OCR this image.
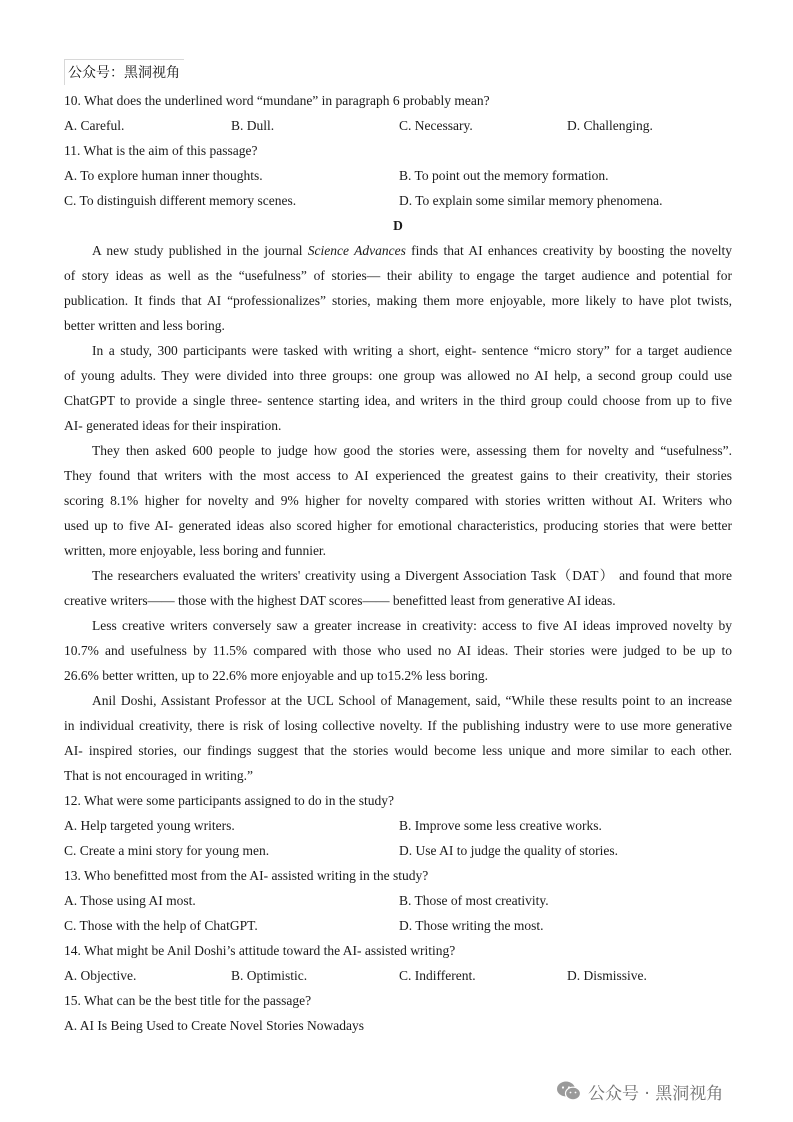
公众号：黑洞视角
10. What does the underlined word “mundane” in paragraph 6 probably mean?
A. Careful.	B. Dull.	C. Necessary.	D. Challenging.
11. What is the aim of this passage?
A. To explore human inner thoughts.	B. To point out the memory formation.
C. To distinguish different memory scenes.	D. To explain some similar memory phenomena.
D
A new study published in the journal Science Advances finds that AI enhances creativity by boosting the novelty
of story ideas as well as the “usefulness” of stories— their ability to engage the target audience and potential for
publication. It finds that AI “professionalizes” stories, making them more enjoyable, more likely to have plot twists,
better written and less boring.
In a study, 300 participants were tasked with writing a short, eight- sentence “micro story” for a target audience
of young adults. They were divided into three groups: one group was allowed no AI help, a second group could use
ChatGPT to provide a single three- sentence starting idea, and writers in the third group could choose from up to five
AI- generated ideas for their inspiration.
They then asked 600 people to judge how good the stories were, assessing them for novelty and “usefulness”.
They found that writers with the most access to AI experienced the greatest gains to their creativity, their stories
scoring 8.1% higher for novelty and 9% higher for novelty compared with stories written without AI. Writers who
used up to five AI- generated ideas also scored higher for emotional characteristics, producing stories that were better
written, more enjoyable, less boring and funnier.
The researchers evaluated the writers' creativity using a Divergent Association Task（DAT） and found that more
creative writers—— those with the highest DAT scores—— benefitted least from generative AI ideas.
Less creative writers conversely saw a greater increase in creativity: access to five AI ideas improved novelty by
10.7% and usefulness by 11.5% compared with those who used no AI ideas. Their stories were judged to be up to
26.6% better written, up to 22.6% more enjoyable and up to15.2% less boring.
Anil Doshi, Assistant Professor at the UCL School of Management, said, “While these results point to an increase
in individual creativity, there is risk of losing collective novelty. If the publishing industry were to use more generative
AI- inspired stories, our findings suggest that the stories would become less unique and more similar to each other.
That is not encouraged in writing.”
12. What were some participants assigned to do in the study?
A. Help targeted young writers.	B. Improve some less creative works.
C. Create a mini story for young men.	D. Use AI to judge the quality of stories.
13. Who benefitted most from the AI- assisted writing in the study?
A. Those using AI most.	B. Those of most creativity.
C. Those with the help of ChatGPT.	D. Those writing the most.
14. What might be Anil Doshi’s attitude toward the AI- assisted writing?
A. Objective.	B. Optimistic.	C. Indifferent.	D. Dismissive.
15. What can be the best title for the passage?
A. AI Is Being Used to Create Novel Stories Nowadays
公众号 · 黑洞视角
